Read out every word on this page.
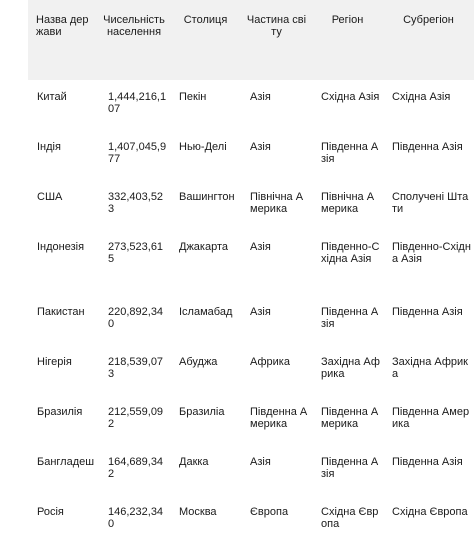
Назва держави	Чисельність населення	Столиця	Частина світу	Регіон	Субрегіон
Китай	1,444,216,107	Пекін	Азія	Східна Азія	Східна Азія
Індія	1,407,045,977	Нью-Делі	Азія	Південна Азія	Південна Азія
США	332,403,523	Вашингтон	Північна Америка	Північна Америка	Сполучені Штати
Індонезія	273,523,615	Джакарта	Азія	Південно-Східна Азія	Південно-Східна Азія
Пакистан	220,892,340	Ісламабад	Азія	Південна Азія	Південна Азія
Нігерія	218,539,073	Абуджа	Африка	Західна Африка	Західна Африка
Бразилія	212,559,092	Бразиліа	Південна Америка	Південна Америка	Південна Америка
Бангладеш	164,689,342	Дакка	Азія	Південна Азія	Південна Азія
Росія	146,232,340	Москва	Європа	Східна Європа	Східна Європа
